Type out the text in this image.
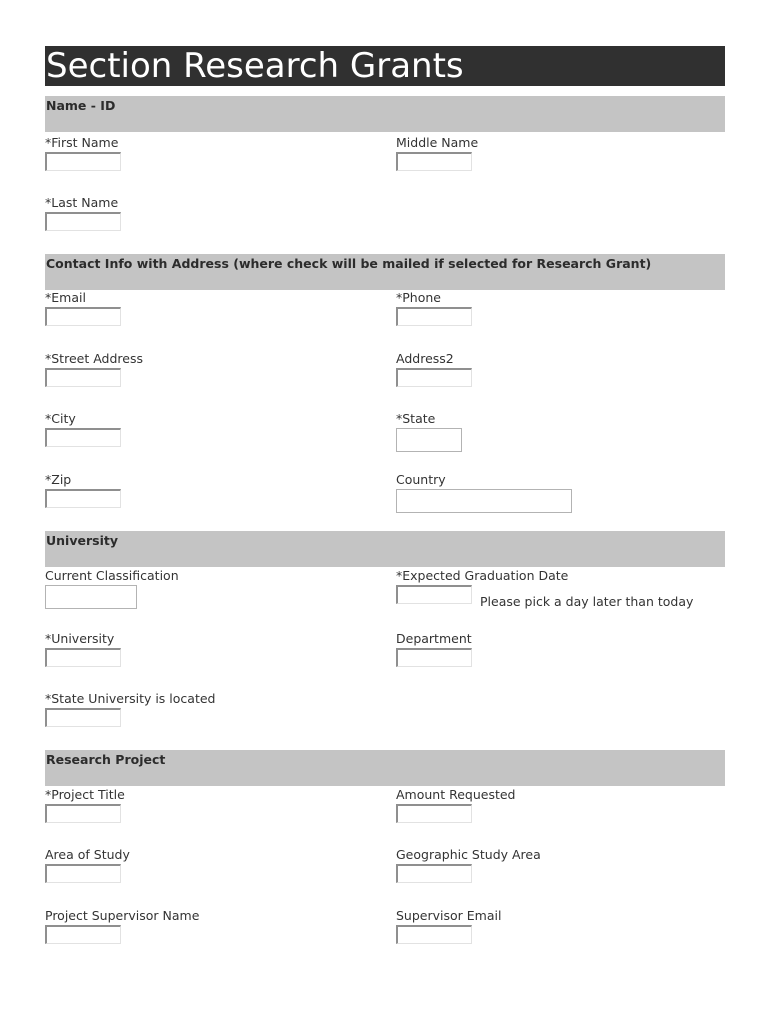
Section Research Grants
Name - ID
*First Name	Middle Name
*Last Name
Contact Info with Address (where check will be mailed if selected for Research Grant)
*Email	*Phone
*Street Address	Address2
*City	*State
*Zip	Country
University
Current Classification	*Expected Graduation Date
Please pick a day later than today
*University	Department
*State University is located
Research Project
*Project Title	Amount Requested
Area of Study	Geographic Study Area
Project Supervisor Name	Supervisor Email
